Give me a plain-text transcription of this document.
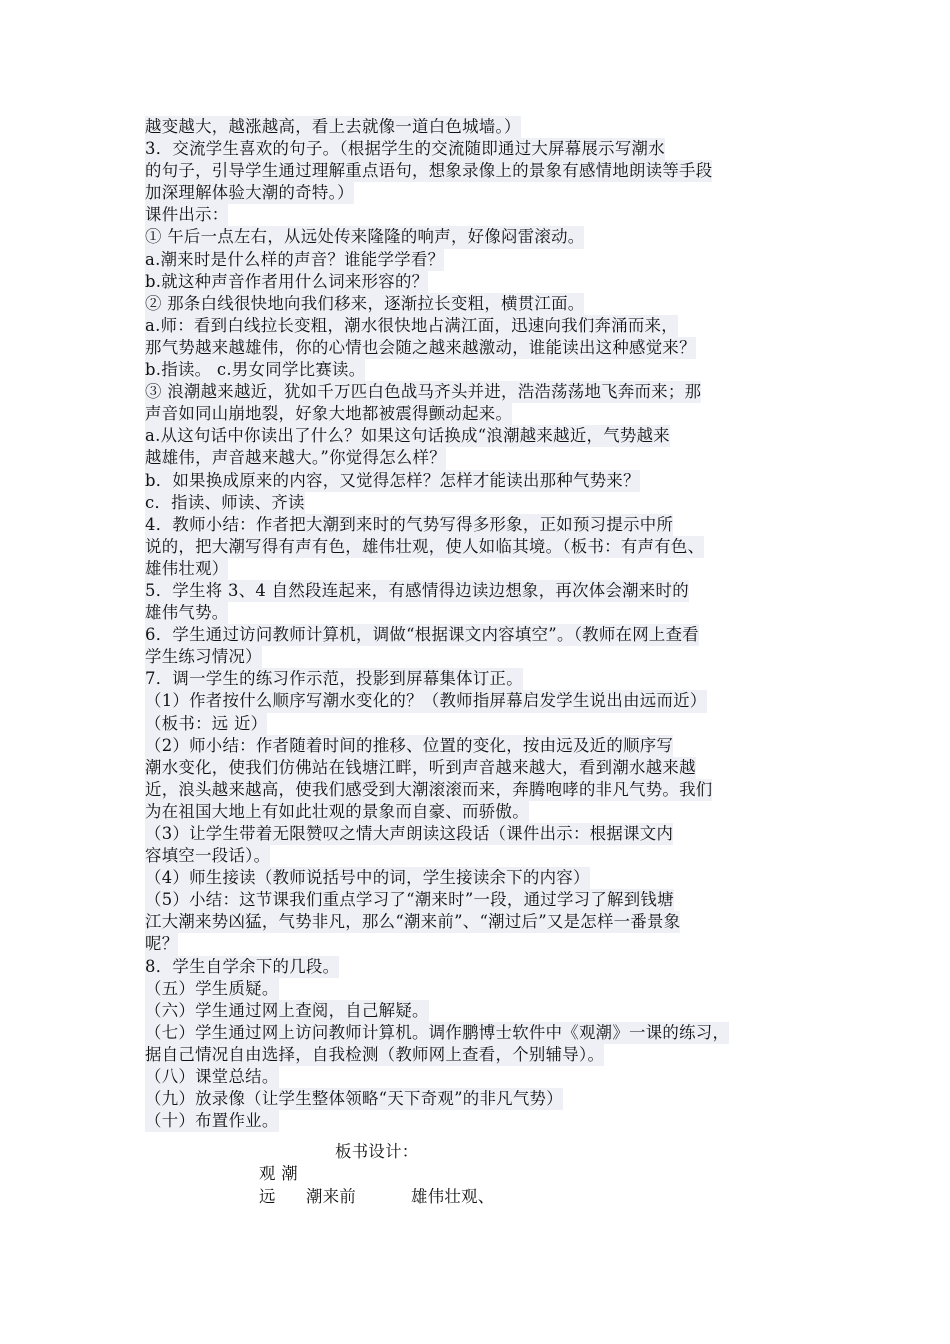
越变越大，越涨越高，看上去就像一道白色城墙。）
3．交流学生喜欢的句子。（根据学生的交流随即通过大屏幕展示写潮水
的句子，引导学生通过理解重点语句，想象录像上的景象有感情地朗读等手段
加深理解体验大潮的奇特。）
课件出示：
① 午后一点左右，从远处传来隆隆的响声，好像闷雷滚动。
a.潮来时是什么样的声音？谁能学学看？
b.就这种声音作者用什么词来形容的？
② 那条白线很快地向我们移来，逐渐拉长变粗，横贯江面。
a.师：看到白线拉长变粗，潮水很快地占满江面，迅速向我们奔涌而来，
那气势越来越雄伟，你的心情也会随之越来越激动，谁能读出这种感觉来？
b.指读。 c.男女同学比赛读。
③ 浪潮越来越近，犹如千万匹白色战马齐头并进，浩浩荡荡地飞奔而来；那
声音如同山崩地裂，好象大地都被震得颤动起来。
a.从这句话中你读出了什么？如果这句话换成“浪潮越来越近，气势越来
越雄伟，声音越来越大。”你觉得怎么样？
b．如果换成原来的内容，又觉得怎样？怎样才能读出那种气势来？
c．指读、师读、齐读
4．教师小结：作者把大潮到来时的气势写得多形象，正如预习提示中所
说的，把大潮写得有声有色，雄伟壮观，使人如临其境。（板书：有声有色、
雄伟壮观）
5．学生将 3、4 自然段连起来，有感情得边读边想象，再次体会潮来时的
雄伟气势。
6．学生通过访问教师计算机，调做“根据课文内容填空”。（教师在网上查看
学生练习情况）
7．调一学生的练习作示范，投影到屏幕集体订正。
（1）作者按什么顺序写潮水变化的？（教师指屏幕启发学生说出由远而近）
（板书：远 近）
（2）师小结：作者随着时间的推移、位置的变化，按由远及近的顺序写
潮水变化，使我们仿佛站在钱塘江畔，听到声音越来越大，看到潮水越来越
近，浪头越来越高，使我们感受到大潮滚滚而来，奔腾咆哮的非凡气势。我们
为在祖国大地上有如此壮观的景象而自豪、而骄傲。
（3）让学生带着无限赞叹之情大声朗读这段话（课件出示：根据课文内
容填空一段话）。
（4）师生接读（教师说括号中的词，学生接读余下的内容）
（5）小结：这节课我们重点学习了“潮来时”一段，通过学习了解到钱塘
江大潮来势凶猛，气势非凡，那么“潮来前”、“潮过后”又是怎样一番景象
呢？
8．学生自学余下的几段。
（五）学生质疑。
（六）学生通过网上查阅，自己解疑。
（七）学生通过网上访问教师计算机。调作鹏博士软件中《观潮》一课的练习，
据自己情况自由选择，自我检测（教师网上查看，个别辅导）。
（八）课堂总结。
（九）放录像（让学生整体领略“天下奇观”的非凡气势）
（十）布置作业。
板书设计：
观 潮
远 潮来前	雄伟壮观、
